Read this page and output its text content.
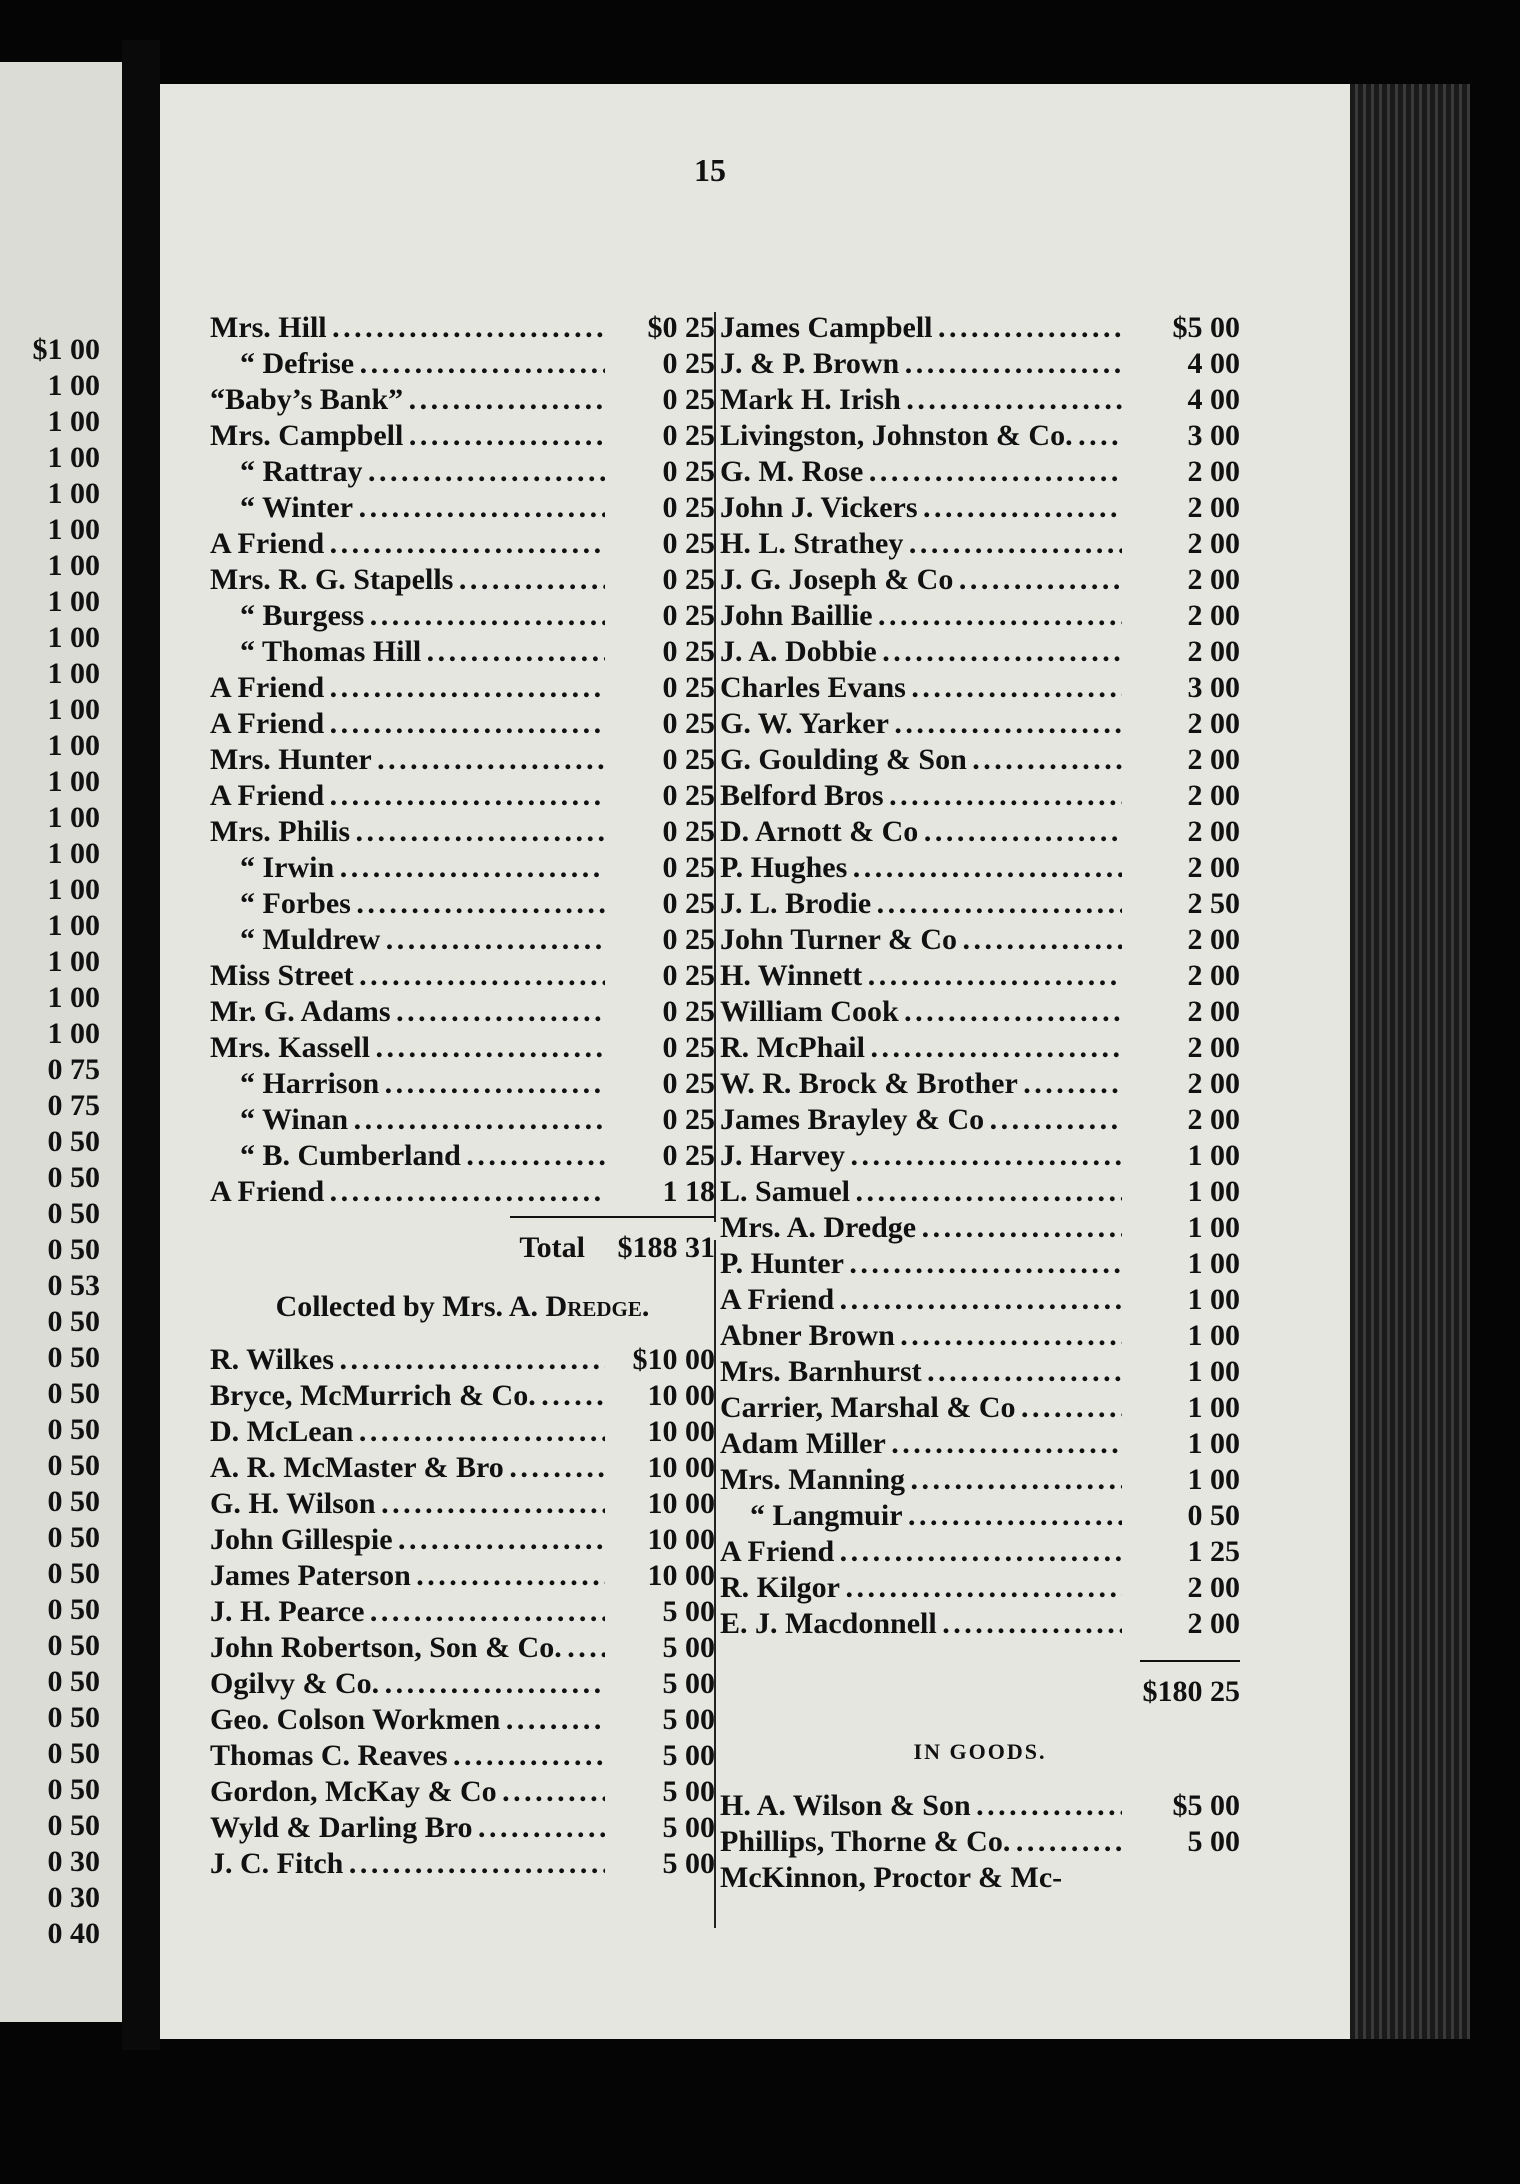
$1 00
1 00
1 00
1 00
1 00
1 00
1 00
1 00
1 00
1 00
1 00
1 00
1 00
1 00
1 00
1 00
1 00
1 00
1 00
1 00
0 75
0 75
0 50
0 50
0 50
0 50
0 53
0 50
0 50
0 50
0 50
0 50
0 50
0 50
0 50
0 50
0 50
0 50
0 50
0 50
0 50
0 50
0 30
0 30
0 40
15
Mrs. Hill . . .	$0 25
“ Defrise . . .	0 25
“Baby’s Bank” . . .	0 25
Mrs. Campbell . . .	0 25
“ Rattray . . .	0 25
“ Winter . . .	0 25
A Friend . . .	0 25
Mrs. R. G. Stapells . . .	0 25
“ Burgess . . .	0 25
“ Thomas Hill . . .	0 25
A Friend . . .	0 25
A Friend . . .	0 25
Mrs. Hunter . . .	0 25
A Friend . . .	0 25
Mrs. Philis . . .	0 25
“ Irwin . . .	0 25
“ Forbes . . .	0 25
“ Muldrew . . .	0 25
Miss Street . . .	0 25
Mr. G. Adams . . .	0 25
Mrs. Kassell . . .	0 25
“ Harrison . . .	0 25
“ Winan . . .	0 25
“ B. Cumberland . . .	0 25
A Friend . . .	1 18
Total	$188 31
Collected by Mrs. A. Dredge.
R. Wilkes . . .	$10 00
Bryce, McMurrich & Co. . . .	10 00
D. McLean . . .	10 00
A. R. McMaster & Bro . . .	10 00
G. H. Wilson . . .	10 00
John Gillespie . . .	10 00
James Paterson . . .	10 00
J. H. Pearce . . .	5 00
John Robertson, Son & Co. . . .	5 00
Ogilvy & Co. . . .	5 00
Geo. Colson Workmen . . .	5 00
Thomas C. Reaves . . .	5 00
Gordon, McKay & Co . . .	5 00
Wyld & Darling Bro . . .	5 00
J. C. Fitch . . .	5 00
James Campbell . . .	$5 00
J. & P. Brown . . .	4 00
Mark H. Irish . . .	4 00
Livingston, Johnston & Co. . . .	3 00
G. M. Rose . . .	2 00
John J. Vickers . . .	2 00
H. L. Strathey . . .	2 00
J. G. Joseph & Co . . .	2 00
John Baillie . . .	2 00
J. A. Dobbie . . .	2 00
Charles Evans . . .	3 00
G. W. Yarker . . .	2 00
G. Goulding & Son . . .	2 00
Belford Bros . . .	2 00
D. Arnott & Co . . .	2 00
P. Hughes . . .	2 00
J. L. Brodie . . .	2 50
John Turner & Co . . .	2 00
H. Winnett . . .	2 00
William Cook . . .	2 00
R. McPhail . . .	2 00
W. R. Brock & Brother . . .	2 00
James Brayley & Co . . .	2 00
J. Harvey . . .	1 00
L. Samuel . . .	1 00
Mrs. A. Dredge . . .	1 00
P. Hunter . . .	1 00
A Friend . . .	1 00
Abner Brown . . .	1 00
Mrs. Barnhurst . . .	1 00
Carrier, Marshal & Co . . .	1 00
Adam Miller . . .	1 00
Mrs. Manning . . .	1 00
“ Langmuir . . .	0 50
A Friend . . .	1 25
R. Kilgor . . .	2 00
E. J. Macdonnell . . .	2 00
$180 25
IN GOODS.
H. A. Wilson & Son . . .	$5 00
Phillips, Thorne & Co. . . .	5 00
McKinnon, Proctor & Mc-
